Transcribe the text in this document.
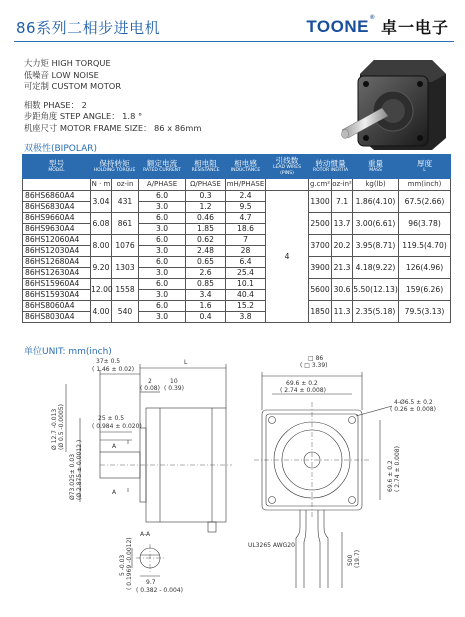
86系列二相步进电机	TOONE ®
卓一电子
大力矩 HIGH TORQUE
低噪音 LOW NOISE
可定制 CUSTOM MOTOR
相数 PHASE： 2
步距角度 STEP ANGLE： 1.8 °
机座尺寸 MOTOR FRAME SIZE： 86 x 86mm
双极性(BIPOLAR)
型号
MODEL	保持转矩
HOLDING TORQUE		额定电流
RATED CURRENT	相电阻
RESISTANCE	相电感
INDUCTANCE	引线数
LEAD WIRES (PINS)	转动惯量
ROTOR INERTIA		重量
MASS	厚度
L

	N · m	oz-in	A/PHASE	Ω/PHASE	mH/PHASE		g.cm²	oz-in²	kg(lb)	mm(inch)
86HS6860A4	3.04	431	6.0	0.3	2.4	4	1300	7.1	1.86(4.10)	67.5(2.66)
86HS6830A4			3.0	1.2	9.5					
86HS9660A4	6.08	861	6.0	0.46	4.7		2500	13.7	3.00(6.61)	96(3.78)
86HS9630A4			3.0	1.85	18.6					
86HS12060A4	8.00	1076	6.0	0.62	7		3700	20.2	3.95(8.71)	119.5(4.70)
86HS12030A4			3.0	2.48	28					
86HS12680A4	9.20	1303	6.0	0.65	6.4		3900	21.3	4.18(9.22)	126(4.96)
86HS12630A4			3.0	2.6	25.4					
86HS15960A4	12.00	1558	6.0	0.85	10.1		5600	30.6	5.50(12.13)	159(6.26)
86HS15930A4			3.0	3.4	40.4					
86HS8060A4	4.00	540	6.0	1.6	15.2		1850	11.3	2.35(5.18)	79.5(3.13)
86HS8030A4			3.0	0.4	3.8					
单位UNIT: mm(inch)
37± 0.5
( 1.46 ± 0.02)
L
2
( 0.08)
10
( 0.39)
25 ± 0.5
( 0.984 ± 0.020)
A
A
Ø 12.7 -0.013 (Ø 0.5 -0.0005)
Ø73.025± 0.03 (Ø 2.875 ± 0.0012 )
A-A
□ 86
( □ 3.39)
69.6 ± 0.2
( 2.74 ± 0.008)
4-Ø6.5 ± 0.2
( 0.26 ± 0.008)
69.6 ± 0.2 ( 2.74 ± 0.008)
UL3265 AWG20
500 (19.7)
5 -0.03 ( 0.1969 -0.0012) 9.7
( 0.382 - 0.004)
